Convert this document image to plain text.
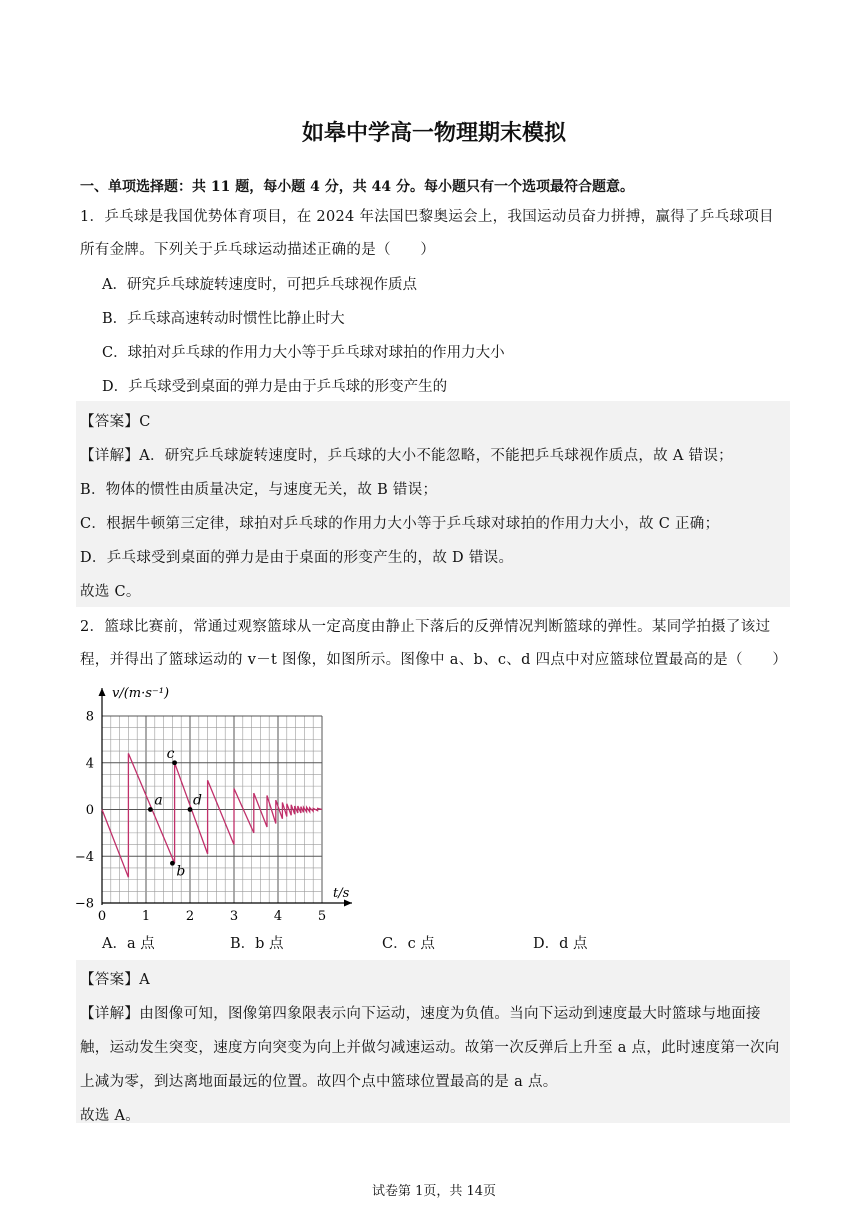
如皋中学高一物理期末模拟
一、单项选择题：共 11 题，每小题 4 分，共 44 分。每小题只有一个选项最符合题意。
1．乒乓球是我国优势体育项目，在 2024 年法国巴黎奥运会上，我国运动员奋力拼搏，赢得了乒乓球项目
所有金牌。下列关于乒乓球运动描述正确的是（　　）
A．研究乒乓球旋转速度时，可把乒乓球视作质点
B．乒乓球高速转动时惯性比静止时大
C．球拍对乒乓球的作用力大小等于乒乓球对球拍的作用力大小
D．乒乓球受到桌面的弹力是由于乒乓球的形变产生的
【答案】C
【详解】A．研究乒乓球旋转速度时，乒乓球的大小不能忽略，不能把乒乓球视作质点，故 A 错误；
B．物体的惯性由质量决定，与速度无关，故 B 错误；
C．根据牛顿第三定律，球拍对乒乓球的作用力大小等于乒乓球对球拍的作用力大小，故 C 正确；
D．乒乓球受到桌面的弹力是由于桌面的形变产生的，故 D 错误。
故选 C。
2．篮球比赛前，常通过观察篮球从一定高度由静止下落后的反弹情况判断篮球的弹性。某同学拍摄了该过
程，并得出了篮球运动的 v－t 图像，如图所示。图像中 a、b、c、d 四点中对应篮球位置最高的是（　　）
8
4
0
−4
−8
0	1	2	3	4	5
a
b
c
d
v/(m·s⁻¹)
t/s
A．a 点	B．b 点	C．c 点	D．d 点
【答案】A
【详解】由图像可知，图像第四象限表示向下运动，速度为负值。当向下运动到速度最大时篮球与地面接
触，运动发生突变，速度方向突变为向上并做匀减速运动。故第一次反弹后上升至 a 点，此时速度第一次向
上减为零，到达离地面最远的位置。故四个点中篮球位置最高的是 a 点。
故选 A。
试卷第 1页，共 14页
